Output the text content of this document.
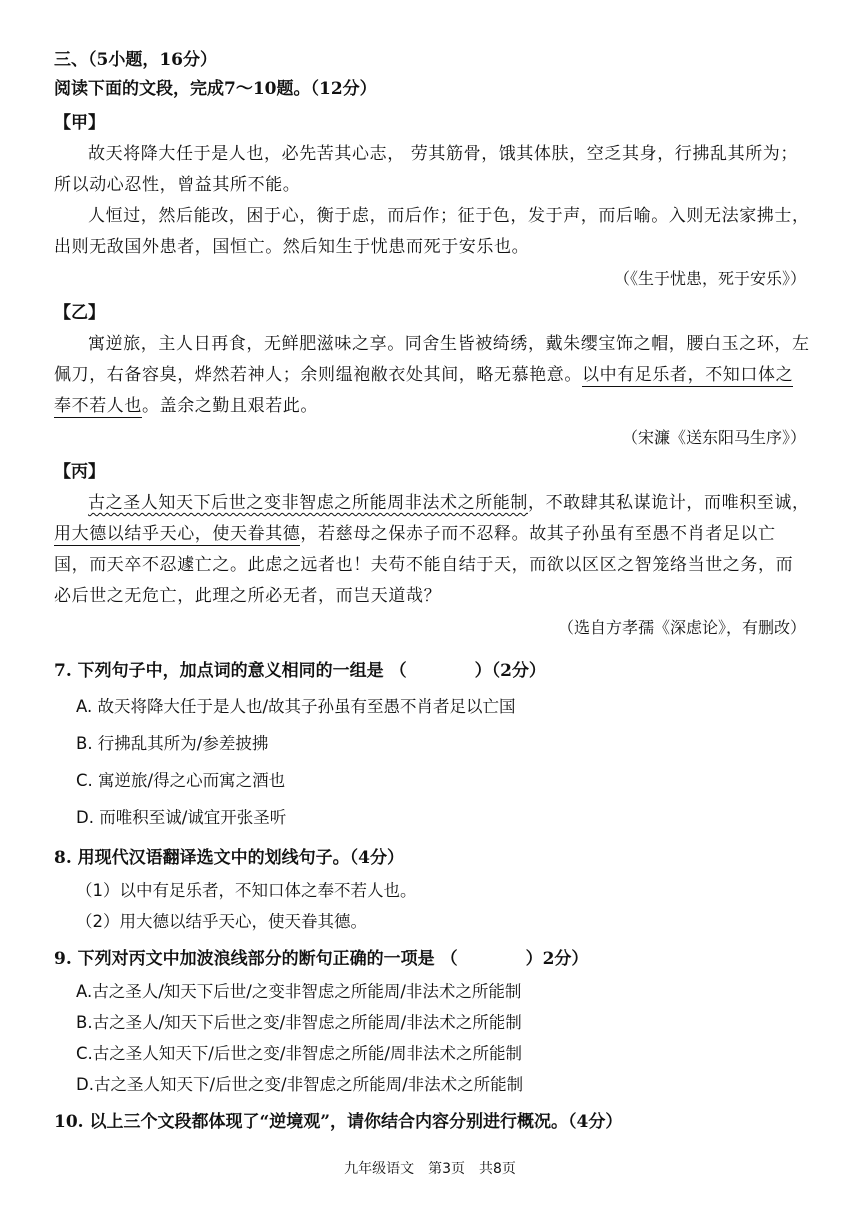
三、（5小题，16分）
阅读下面的文段，完成7～10题。（12分）
【甲】

故天将降大任于是人也，必先苦其心志， 劳其筋骨，饿其体肤，空乏其身，行拂乱其所为；所以动心忍性，曾益其所不能。

人恒过，然后能改，困于心，衡于虑，而后作；征于色，发于声，而后喻。入则无法家拂士，出则无敌国外患者，国恒亡。然后知生于忧患而死于安乐也。

（《生于忧患，死于安乐》）
【乙】

寓逆旅，主人日再食，无鲜肥滋味之享。同舍生皆被绮绣，戴朱缨宝饰之帽，腰白玉之环，左佩刀，右备容臭，烨然若神人；余则缊袍敝衣处其间，略无慕艳意。以中有足乐者，不知口体之奉不若人也。盖余之勤且艰若此。

（宋濂《送东阳马生序》）
【丙】

古之圣人知天下后世之变非智虑之所能周非法术之所能制，不敢肆其私谋诡计，而唯积至诚，用大德以结乎天心，使天眷其德，若慈母之保赤子而不忍释。故其子孙虽有至愚不肖者足以亡国，而天卒不忍遽亡之。此虑之远者也！夫苟不能自结于天，而欲以区区之智笼络当世之务，而必后世之无危亡，此理之所必无者，而岂天道哉？

（选自方孝孺《深虑论》，有删改）
7. 下列句子中，加点词的意义相同的一组是 （　　　　）（2分）
A. 故天将降大任于是人也/故其子孙虽有至愚不肖者足以亡国
B. 行拂乱其所为/参差披拂
C. 寓逆旅/得之心而寓之酒也
D. 而唯积至诚/诚宜开张圣听
8. 用现代汉语翻译选文中的划线句子。（4分）
（1）以中有足乐者，不知口体之奉不若人也。
（2）用大德以结乎天心，使天眷其德。
9. 下列对丙文中加波浪线部分的断句正确的一项是 （　　　　）2分）
A.古之圣人/知天下后世/之变非智虑之所能周/非法术之所能制
B.古之圣人/知天下后世之变/非智虑之所能周/非法术之所能制
C.古之圣人知天下/后世之变/非智虑之所能/周非法术之所能制
D.古之圣人知天下/后世之变/非智虑之所能周/非法术之所能制
10. 以上三个文段都体现了“逆境观”，请你结合内容分别进行概况。（4分）
九年级语文　第3页　共8页
